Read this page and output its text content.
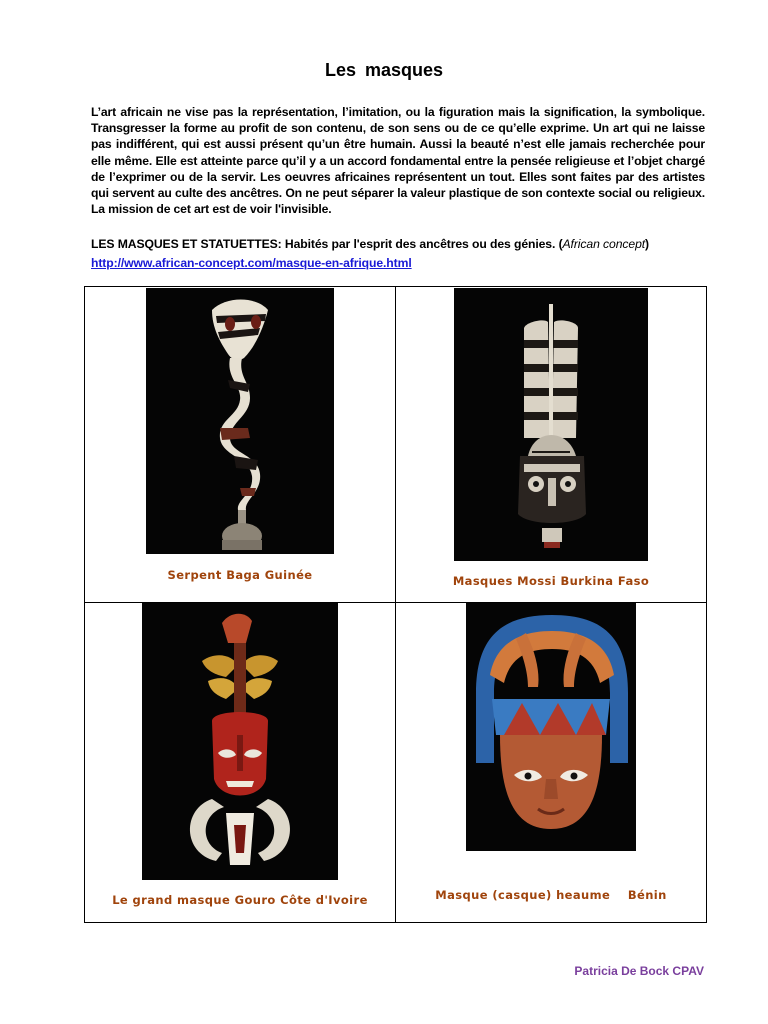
Les masques

L’art africain ne vise pas la représentation, l’imitation, ou la figuration mais la signification, la symbolique. Transgresser la forme au profit de son contenu, de son sens ou de ce qu’elle exprime. Un art qui ne laisse pas indifférent, qui est aussi présent qu’un être humain. Aussi la beauté n’est elle jamais recherchée pour elle même. Elle est atteinte parce qu’il y a un accord fondamental entre la pensée religieuse et l’objet chargé de l’exprimer ou de la servir. Les oeuvres africaines représentent un tout. Elles sont faites par des artistes qui servent au culte des ancêtres. On ne peut séparer la valeur plastique de son contexte social ou religieux. La mission de cet art est de voir l'invisible.

LES MASQUES ET STATUETTES: Habités par l'esprit des ancêtres ou des génies. (African concept)
http://www.african-concept.com/masque-en-afrique.html
Serpent Baga Guinée	Masques Mossi Burkina Faso

Le grand masque Gouro Côte d'Ivoire	Masque (casque) heaume    Bénin
Patricia De Bock CPAV
